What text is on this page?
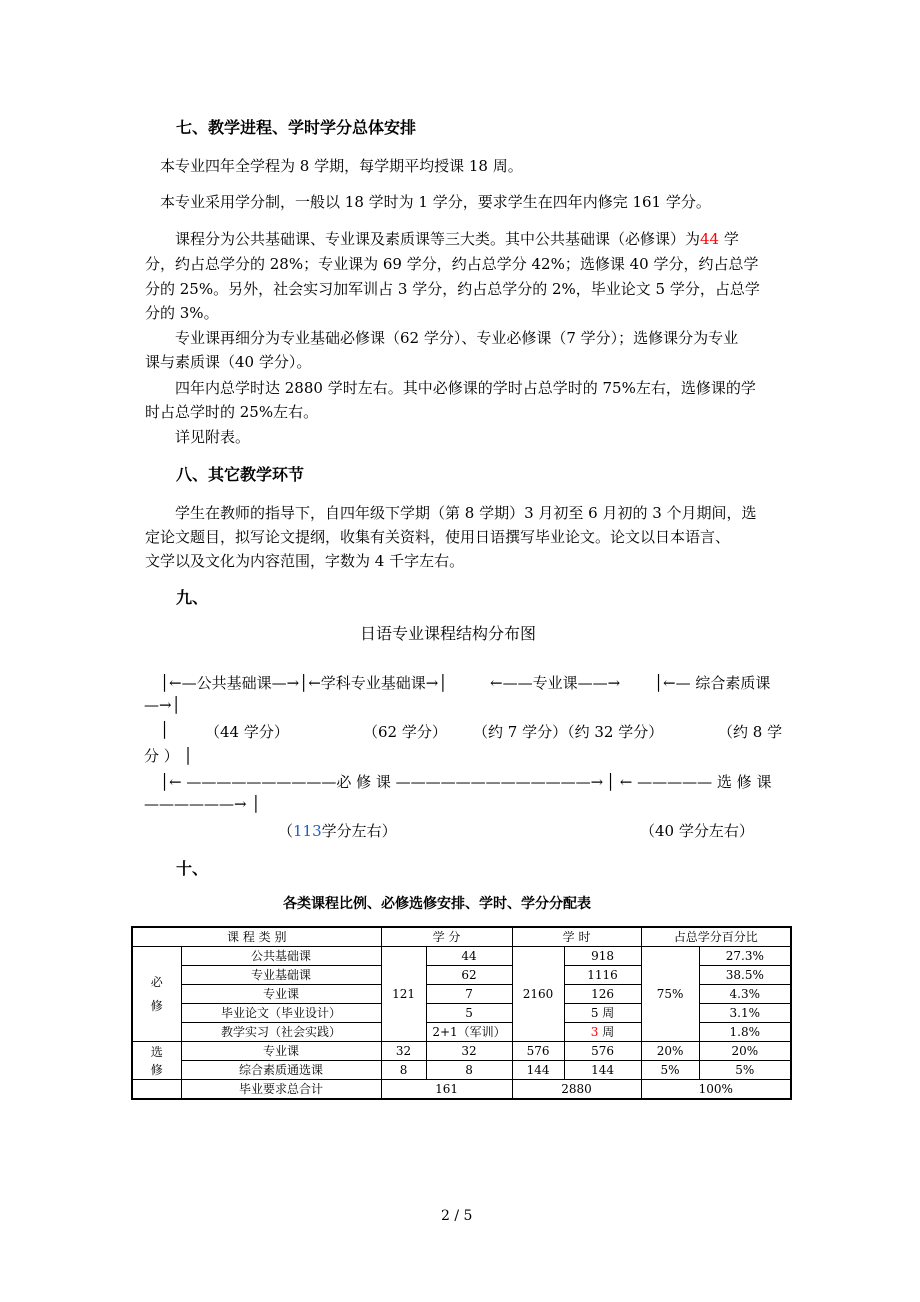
七、教学进程、学时学分总体安排
本专业四年全学程为 8 学期，每学期平均授课 18 周。
本专业采用学分制，一般以 18 学时为 1 学分，要求学生在四年内修完 161 学分。
课程分为公共基础课、专业课及素质课等三大类。其中公共基础课（必修课）为44 学
分，约占总学分的 28%；专业课为 69 学分，约占总学分 42%；选修课 40 学分，约占总学
分的 25%。另外，社会实习加军训占 3 学分，约占总学分的 2%，毕业论文 5 学分，占总学
分的 3%。
专业课再细分为专业基础必修课（62 学分）、专业必修课（7 学分）；选修课分为专业
课与素质课（40 学分）。
四年内总学时达 2880 学时左右。其中必修课的学时占总学时的 75%左右，选修课的学
时占总学时的 25%左右。
详见附表。
八、其它教学环节
学生在教师的指导下，自四年级下学期（第 8 学期）3 月初至 6 月初的 3 个月期间，选
定论文题目，拟写论文提纲，收集有关资料，使用日语撰写毕业论文。论文以日本语言、
文学以及文化为内容范围，字数为 4 千字左右。
九、
日语专业课程结构分布图
│←—公共基础课—→│←学科专业基础课→│	←——专业课——→ │←— 综合素质课
—→│
│ （44 学分）	（62 学分） （约 7 学分）（约 32 学分）	（约 8 学
分 ） │
│← ——————————必 修 课 —————————————→ │ ← ————— 选 修 课
——————→ │
（113学分左右）	（40 学分左右）
十、
各类课程比例、必修选修安排、学时、学分分配表
课 程 类 别		学 分		学 时		占总学分百分比	
必
修	公共基础课	121	44	2160	918	75%	27.3%
	专业基础课		62		1116		38.5%
	专业课		7		126		4.3%
	毕业论文（毕业设计）		5		5 周		3.1%
	教学实习（社会实践）		2+1（军训）		3 周		1.8%
选
修	专业课	32	32	576	576	20%	20%
	综合素质通选课	8	8	144	144	5%	5%
	毕业要求总合计	161		2880		100%	
2 / 5
